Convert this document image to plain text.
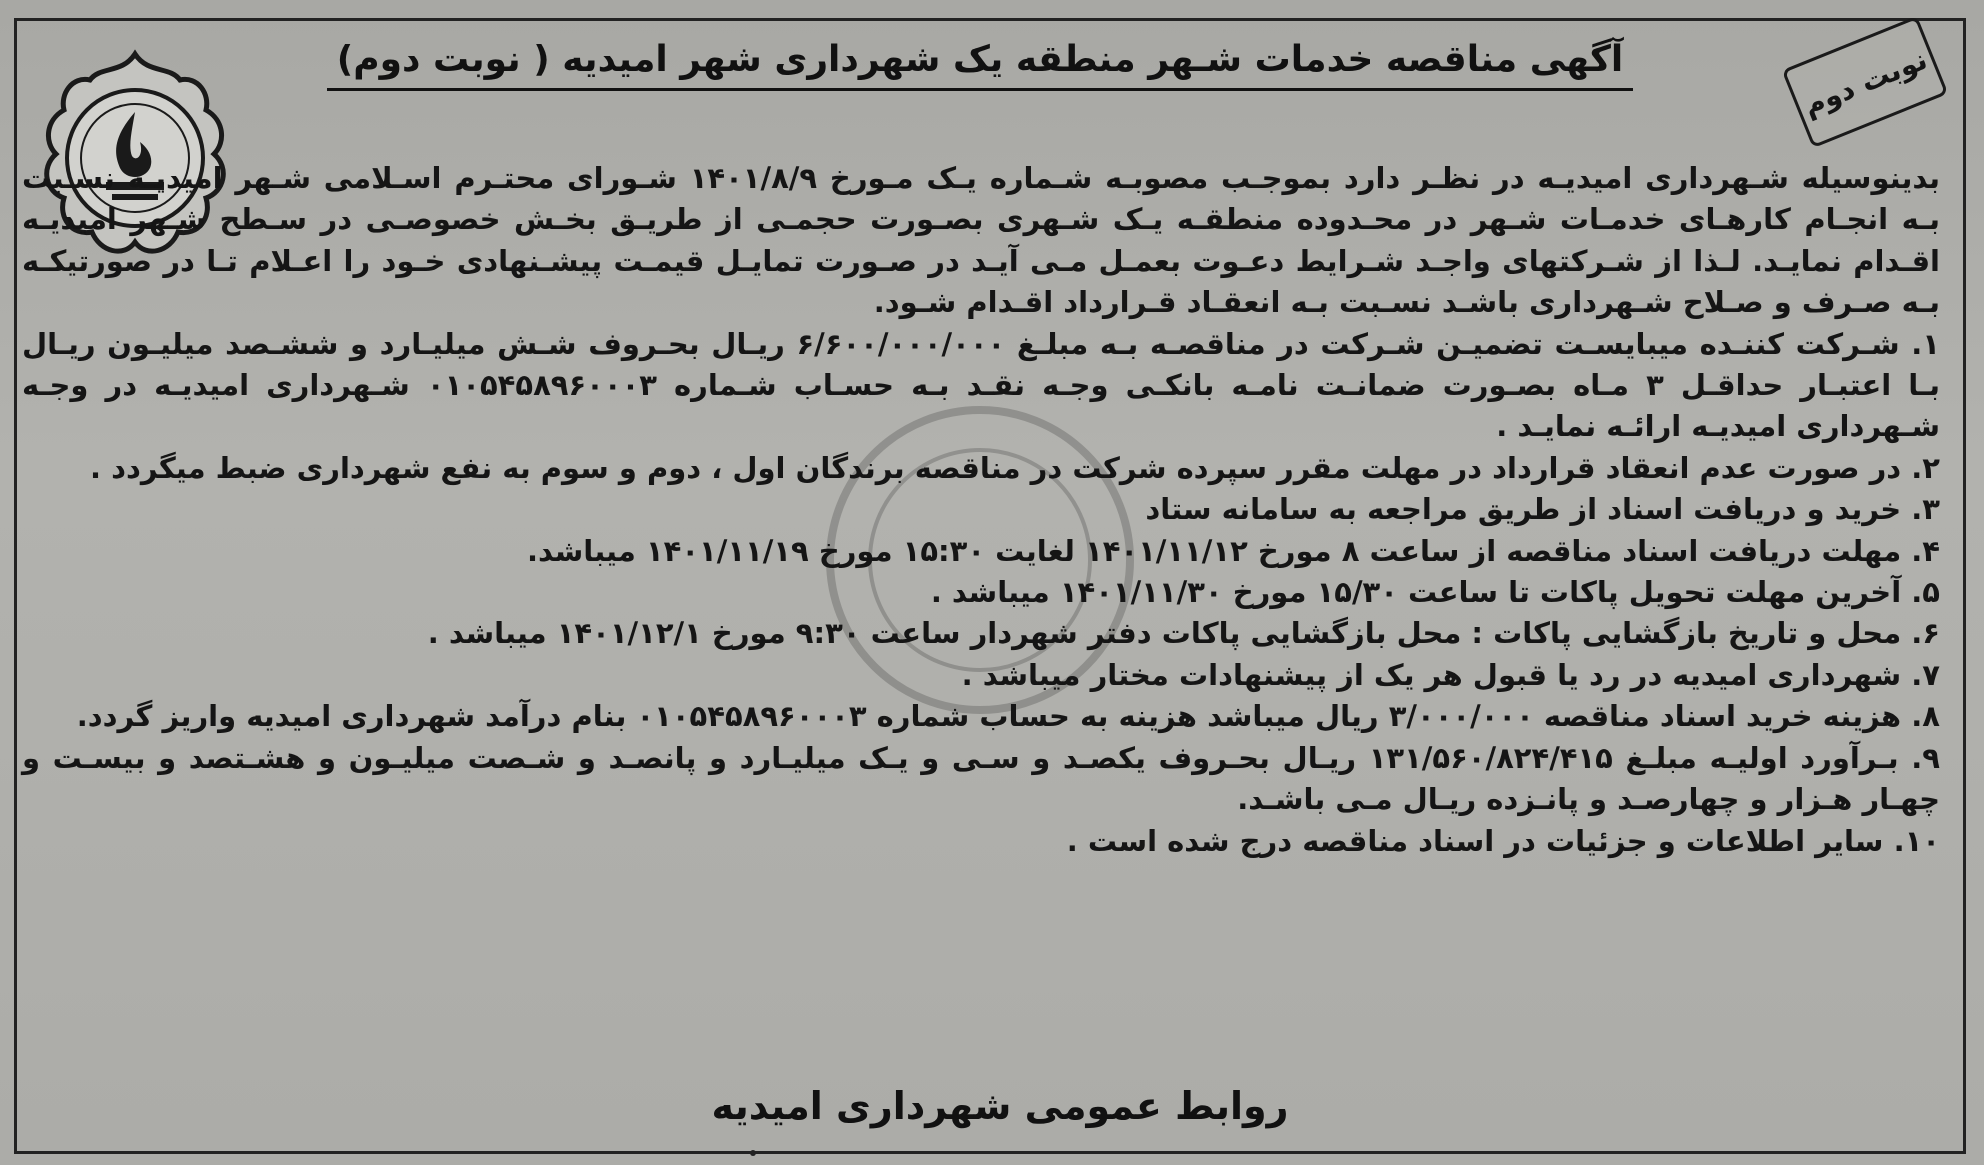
نوبت دوم
آگهی مناقصه خدمات شـهر منطقه یک شهرداری شهر امیدیه ( نوبت دوم)

بدینوسیله شـهرداری امیدیـه در نظـر دارد بموجـب مصوبـه شـماره یـک مـورخ ۱۴۰۱/۸/۹ شـورای محتـرم اسـلامی شـهر امیدیـه نسـبت بـه انجـام کارهـای خدمـات شـهر در محـدوده منطقـه یـک شـهری بصـورت حجمـی از طریـق بخـش خصوصـی در سـطح شـهر امیدیـه اقـدام نمایـد. لـذا از شـرکتهای واجـد شـرایط دعـوت بعمـل مـی آیـد در صـورت تمایـل قیمـت پیشـنهادی خـود را اعـلام تـا در صورتیکـه بـه صـرف و صـلاح شـهرداری باشـد نسـبت بـه انعقـاد قـرارداد اقـدام شـود.

۱. شـرکت کننـده میبایسـت تضمیـن شـرکت در مناقصـه بـه مبلـغ ۶/۶۰۰/۰۰۰/۰۰۰ ریـال بحـروف شـش میلیـارد و ششـصد میلیـون ریـال بـا اعتبـار حداقـل ۳ مـاه بصـورت ضمانـت نامـه بانکـی وجـه نقـد بـه حسـاب شـماره ۰۱۰۵۴۵۸۹۶۰۰۰۳ شـهرداری امیدیـه در وجـه شـهرداری امیدیـه ارائـه نمایـد .
۲. در صورت عدم انعقاد قرارداد در مهلت مقرر سپرده شرکت در مناقصه برندگان اول ، دوم و سوم به نفع شهرداری ضبط میگردد .
۳. خرید و دریافت اسناد از طریق مراجعه به سامانه ستاد
۴. مهلت دریافت اسناد مناقصه از ساعت ۸ مورخ ۱۴۰۱/۱۱/۱۲ لغایت ۱۵:۳۰ مورخ ۱۴۰۱/۱۱/۱۹ میباشد.
۵. آخرین مهلت تحویل پاکات تا ساعت ۱۵/۳۰ مورخ ۱۴۰۱/۱۱/۳۰ میباشد .
۶. محل و تاریخ بازگشایی پاکات : محل بازگشایی پاکات دفتر شهردار ساعت ۹:۳۰ مورخ ۱۴۰۱/۱۲/۱ میباشد .
۷. شهرداری امیدیه در رد یا قبول هر یک از پیشنهادات مختار میباشد .
۸. هزینه خرید اسناد مناقصه ۳/۰۰۰/۰۰۰ ریال میباشد هزینه به حساب شماره ۰۱۰۵۴۵۸۹۶۰۰۰۳ بنام درآمد شهرداری امیدیه واریز گردد.
۹. بـرآورد اولیـه مبلـغ ۱۳۱/۵۶۰/۸۲۴/۴۱۵ ریـال بحـروف یکصـد و سـی و یـک میلیـارد و پانصـد و شـصت میلیـون و هشـتصد و بیسـت و چهـار هـزار و چهارصـد و پانـزده ریـال مـی باشـد.
۱۰. سایر اطلاعات و جزئیات در اسناد مناقصه درج شده است .
روابط عمومی شهرداری امیدیه
